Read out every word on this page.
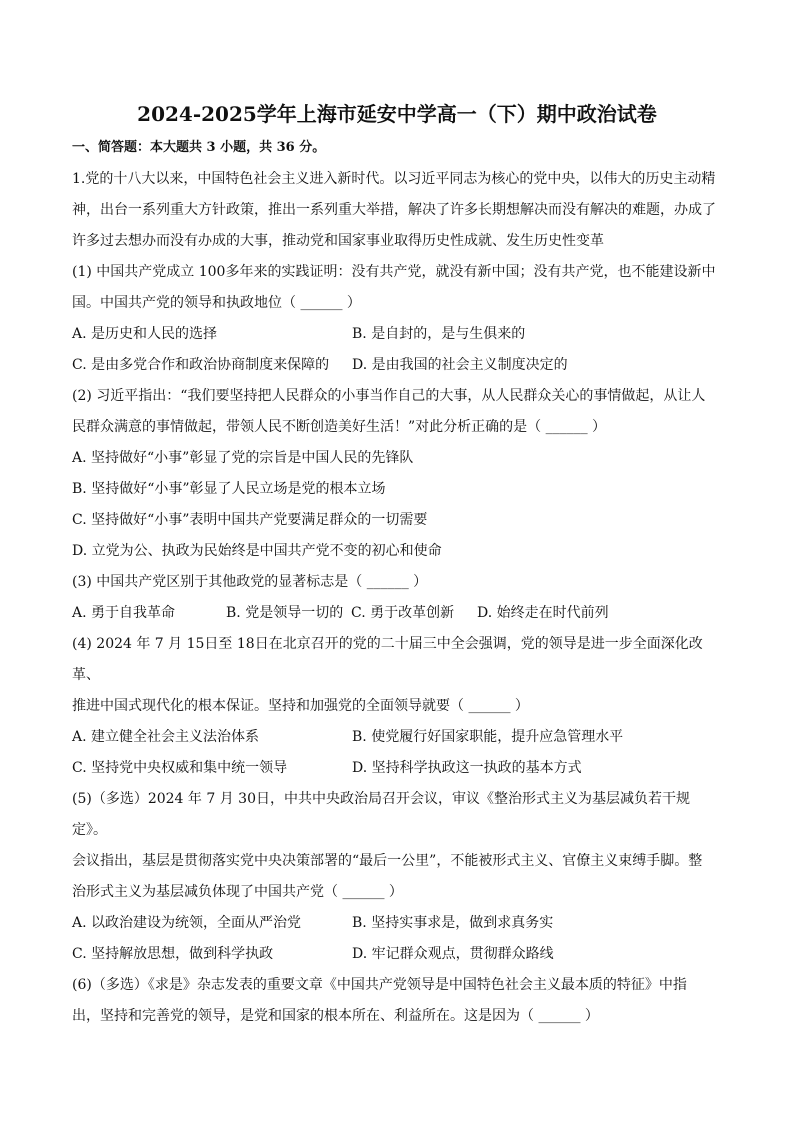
2024-2025学年上海市延安中学高一（下）期中政治试卷
一、简答题：本大题共 3 小题，共 36 分。

1.党的十八大以来，中国特色社会主义进入新时代。以习近平同志为核心的党中央，以伟大的历史主动精

神，出台一系列重大方针政策，推出一系列重大举措，解决了许多长期想解决而没有解决的难题，办成了

许多过去想办而没有办成的大事，推动党和国家事业取得历史性成就、发生历史性变革

(1) 中国共产党成立 100多年来的实践证明：没有共产党，就没有新中国；没有共产党，也不能建设新中

国。中国共产党的领导和执政地位（ ______ ）

A. 是历史和人民的选择	B. 是自封的，是与生俱来的
C. 是由多党合作和政治协商制度来保障的	D. 是由我国的社会主义制度决定的

(2) 习近平指出：“我们要坚持把人民群众的小事当作自己的大事，从人民群众关心的事情做起，从让人

民群众满意的事情做起，带领人民不断创造美好生活！”对此分析正确的是（ ______ ）

A. 坚持做好“小事”彰显了党的宗旨是中国人民的先锋队

B. 坚持做好“小事”彰显了人民立场是党的根本立场

C. 坚持做好“小事”表明中国共产党要满足群众的一切需要

D. 立党为公、执政为民始终是中国共产党不变的初心和使命

(3) 中国共产党区别于其他政党的显著标志是（ ______ ）

A. 勇于自我革命	B. 党是领导一切的 C. 勇于改革创新	D. 始终走在时代前列

(4) 2024 年 7 月 15日至 18日在北京召开的党的二十届三中全会强调，党的领导是进一步全面深化改革、

推进中国式现代化的根本保证。坚持和加强党的全面领导就要（ ______ ）

A. 建立健全社会主义法治体系	B. 使党履行好国家职能，提升应急管理水平
C. 坚持党中央权威和集中统一领导	D. 坚持科学执政这一执政的基本方式

(5)（多选）2024 年 7 月 30日，中共中央政治局召开会议，审议《整治形式主义为基层减负若干规定》。

会议指出，基层是贯彻落实党中央决策部署的“最后一公里”，不能被形式主义、官僚主义束缚手脚。整

治形式主义为基层减负体现了中国共产党（ ______ ）

A. 以政治建设为统领，全面从严治党	B. 坚持实事求是，做到求真务实
C. 坚持解放思想，做到科学执政	D. 牢记群众观点，贯彻群众路线

(6)（多选）《求是》杂志发表的重要文章《中国共产党领导是中国特色社会主义最本质的特征》中指

出，坚持和完善党的领导，是党和国家的根本所在、利益所在。这是因为（ ______ ）
